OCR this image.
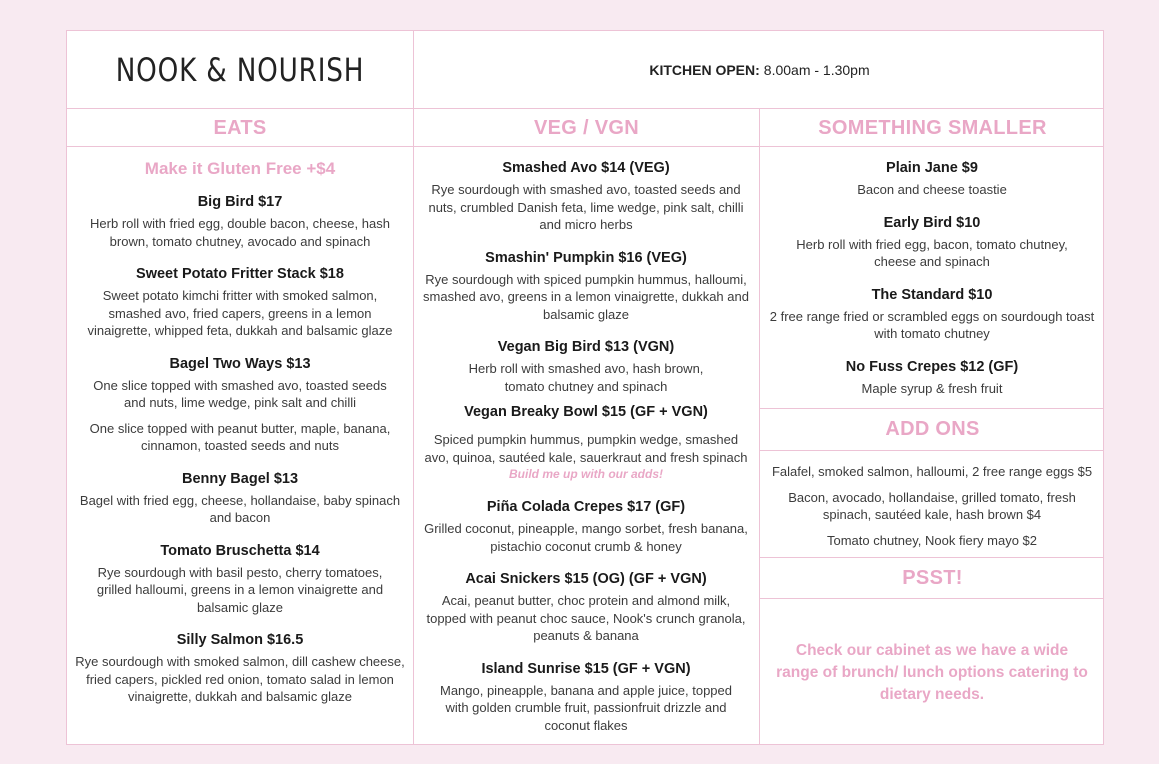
NOOK & NOURISH	KITCHEN OPEN: 8.00am - 1.30pm
EATS	VEG / VGN	SOMETHING SMALLER
Make it Gluten Free +$4
Big Bird $17
Herb roll with fried egg, double bacon, cheese, hash brown, tomato chutney, avocado and spinach
Sweet Potato Fritter Stack $18
Sweet potato kimchi fritter with smoked salmon, smashed avo, fried capers, greens in a lemon vinaigrette, whipped feta, dukkah and balsamic glaze
Bagel Two Ways $13
One slice topped with smashed avo, toasted seeds and nuts, lime wedge, pink salt and chilli
One slice topped with peanut butter, maple, banana, cinnamon, toasted seeds and nuts
Benny Bagel $13
Bagel with fried egg, cheese, hollandaise, baby spinach and bacon
Tomato Bruschetta $14
Rye sourdough with basil pesto, cherry tomatoes, grilled halloumi, greens in a lemon vinaigrette and balsamic glaze
Silly Salmon $16.5
Rye sourdough with smoked salmon, dill cashew cheese, fried capers, pickled red onion, tomato salad in lemon vinaigrette, dukkah and balsamic glaze
Smashed Avo $14 (VEG)
Rye sourdough with smashed avo, toasted seeds and nuts, crumbled Danish feta, lime wedge, pink salt, chilli and micro herbs
Smashin' Pumpkin $16 (VEG)
Rye sourdough with spiced pumpkin hummus, halloumi, smashed avo, greens in a lemon vinaigrette, dukkah and balsamic glaze
Vegan Big Bird $13 (VGN)
Herb roll with smashed avo, hash brown, tomato chutney and spinach
Vegan Breaky Bowl $15 (GF + VGN)
Spiced pumpkin hummus, pumpkin wedge, smashed avo, quinoa, sautéed kale, sauerkraut and fresh spinach
Build me up with our adds!
Piña Colada Crepes $17 (GF)
Grilled coconut, pineapple, mango sorbet, fresh banana, pistachio coconut crumb & honey
Acai Snickers $15 (OG) (GF + VGN)
Acai, peanut butter, choc protein and almond milk, topped with peanut choc sauce, Nook's crunch granola, peanuts & banana
Island Sunrise $15 (GF + VGN)
Mango, pineapple, banana and apple juice, topped with golden crumble fruit, passionfruit drizzle and coconut flakes
Plain Jane $9
Bacon and cheese toastie
Early Bird $10
Herb roll with fried egg, bacon, tomato chutney, cheese and spinach
The Standard $10
2 free range fried or scrambled eggs on sourdough toast with tomato chutney
No Fuss Crepes $12 (GF)
Maple syrup & fresh fruit
ADD ONS
Falafel, smoked salmon, halloumi, 2 free range eggs $5
Bacon, avocado, hollandaise, grilled tomato, fresh spinach, sautéed kale, hash brown $4
Tomato chutney, Nook fiery mayo $2
PSST!
Check our cabinet as we have a wide range of brunch/ lunch options catering to dietary needs.
